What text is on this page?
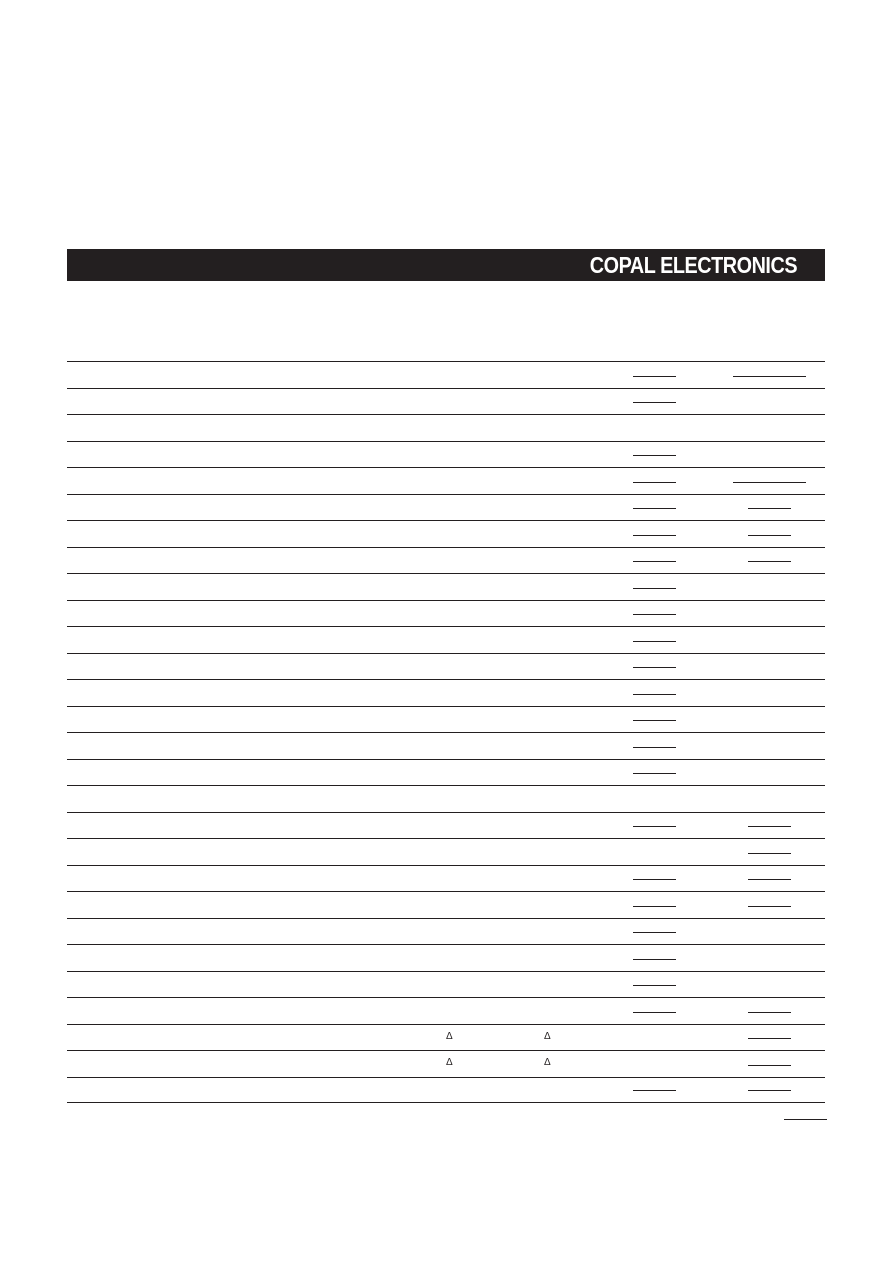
COPAL ELECTRONICS
Δ	Δ
Δ	Δ
